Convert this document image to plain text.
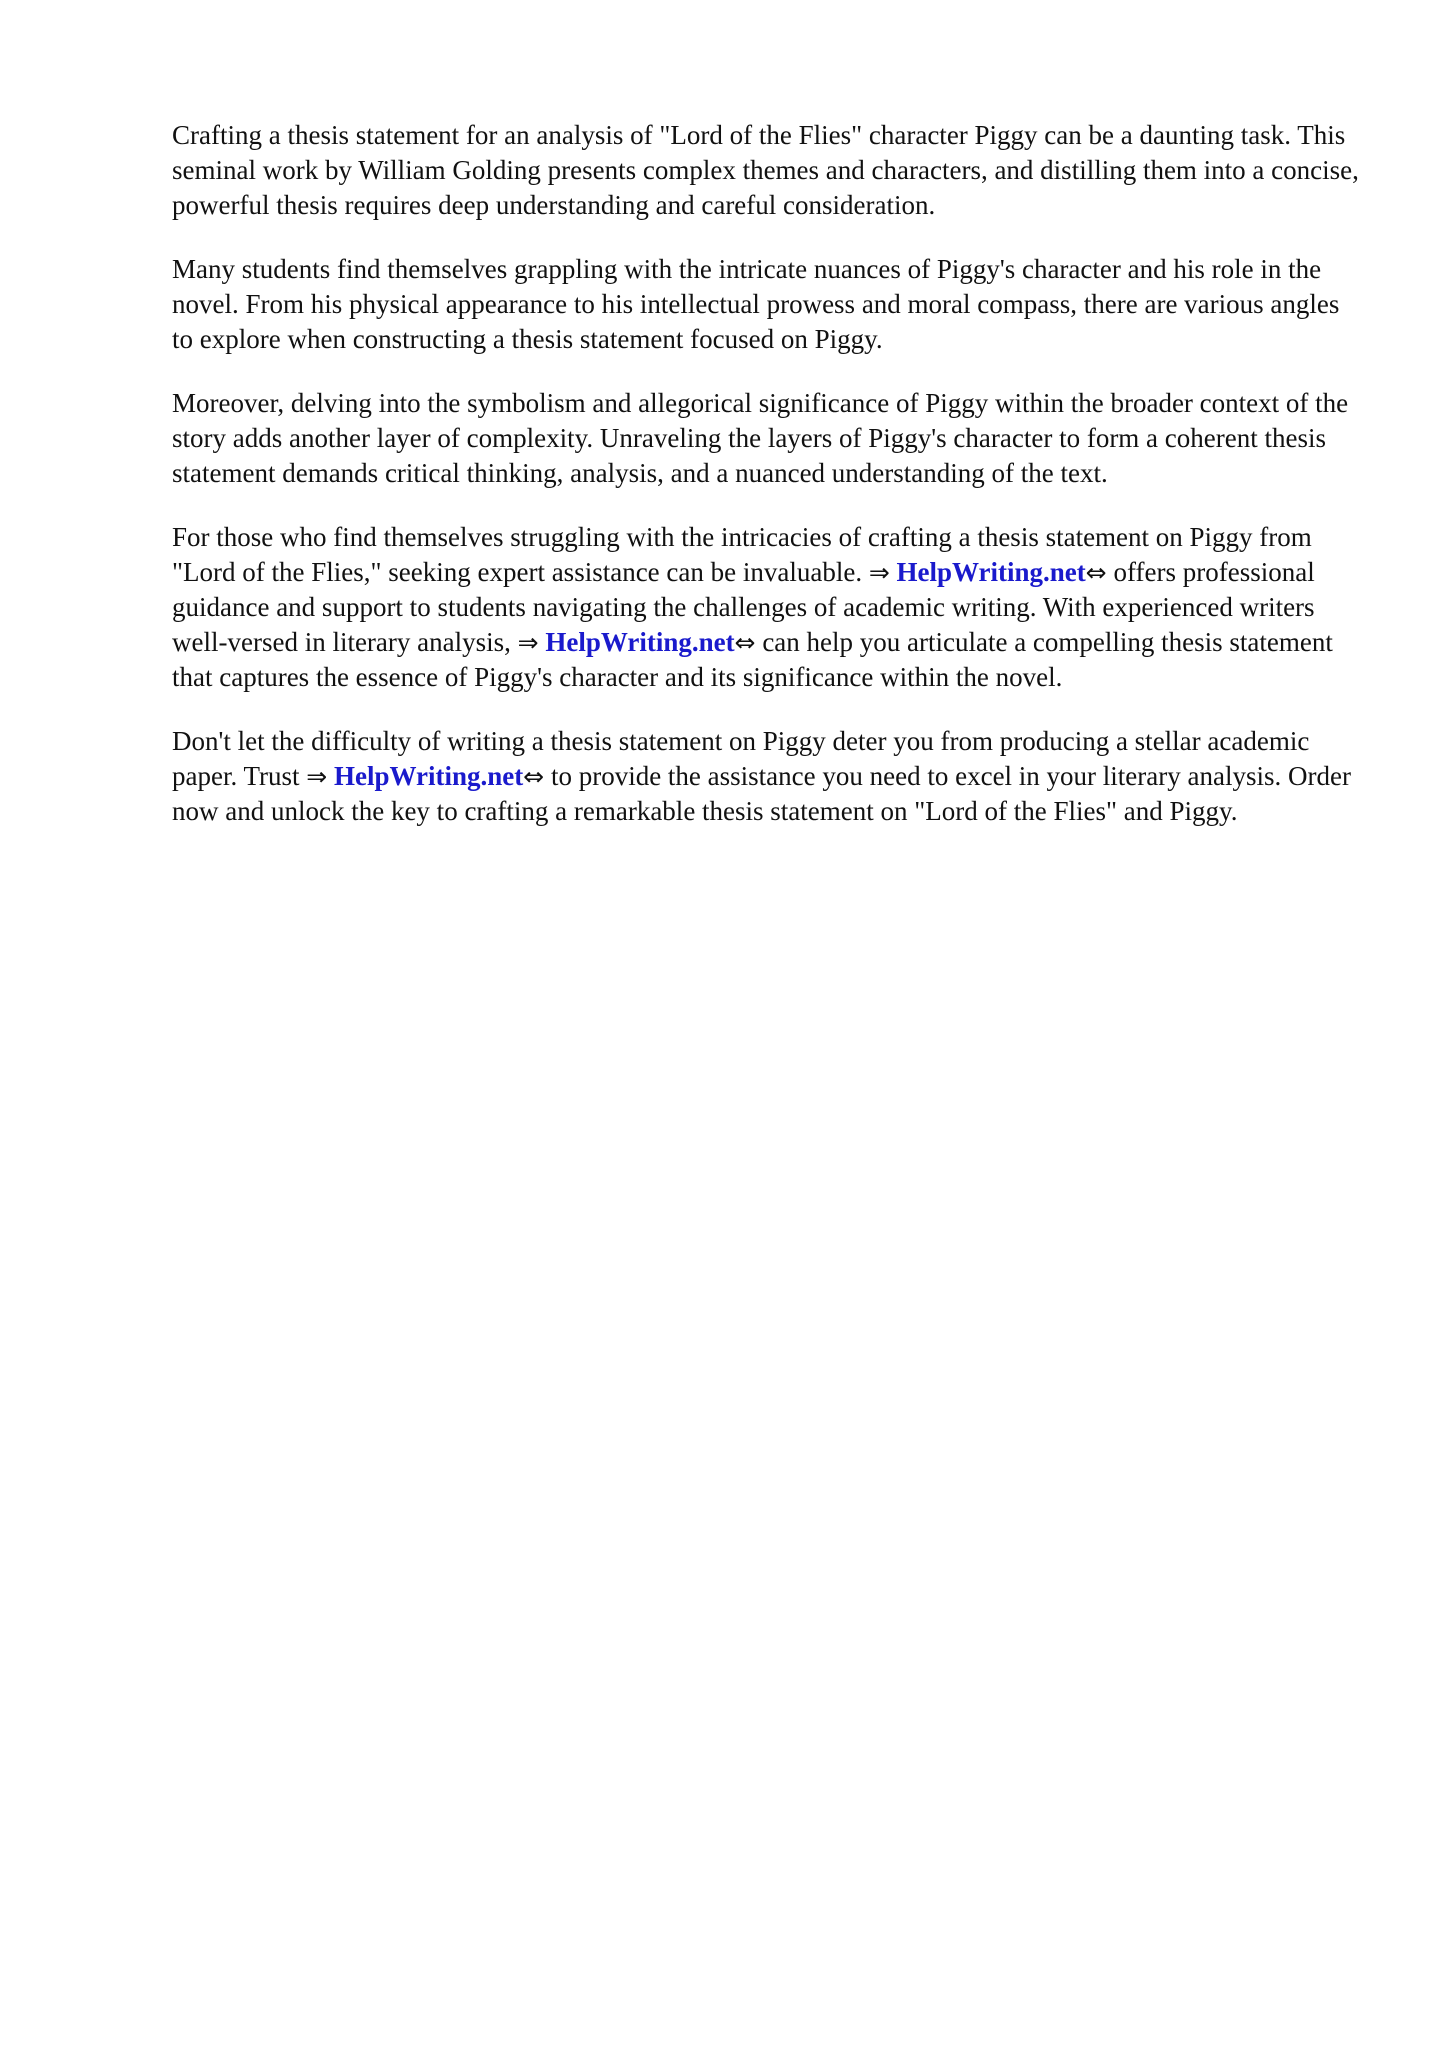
Crafting a thesis statement for an analysis of "Lord of the Flies" character Piggy can be a daunting task. This seminal work by William Golding presents complex themes and characters, and distilling them into a concise, powerful thesis requires deep understanding and careful consideration.

Many students find themselves grappling with the intricate nuances of Piggy's character and his role in the novel. From his physical appearance to his intellectual prowess and moral compass, there are various angles to explore when constructing a thesis statement focused on Piggy.

Moreover, delving into the symbolism and allegorical significance of Piggy within the broader context of the story adds another layer of complexity. Unraveling the layers of Piggy's character to form a coherent thesis statement demands critical thinking, analysis, and a nuanced understanding of the text.

For those who find themselves struggling with the intricacies of crafting a thesis statement on Piggy from "Lord of the Flies," seeking expert assistance can be invaluable. ⇒ HelpWriting.net⇔ offers professional guidance and support to students navigating the challenges of academic writing. With experienced writers well-versed in literary analysis, ⇒ HelpWriting.net⇔ can help you articulate a compelling thesis statement that captures the essence of Piggy's character and its significance within the novel.

Don't let the difficulty of writing a thesis statement on Piggy deter you from producing a stellar academic paper. Trust ⇒ HelpWriting.net⇔ to provide the assistance you need to excel in your literary analysis. Order now and unlock the key to crafting a remarkable thesis statement on "Lord of the Flies" and Piggy.
